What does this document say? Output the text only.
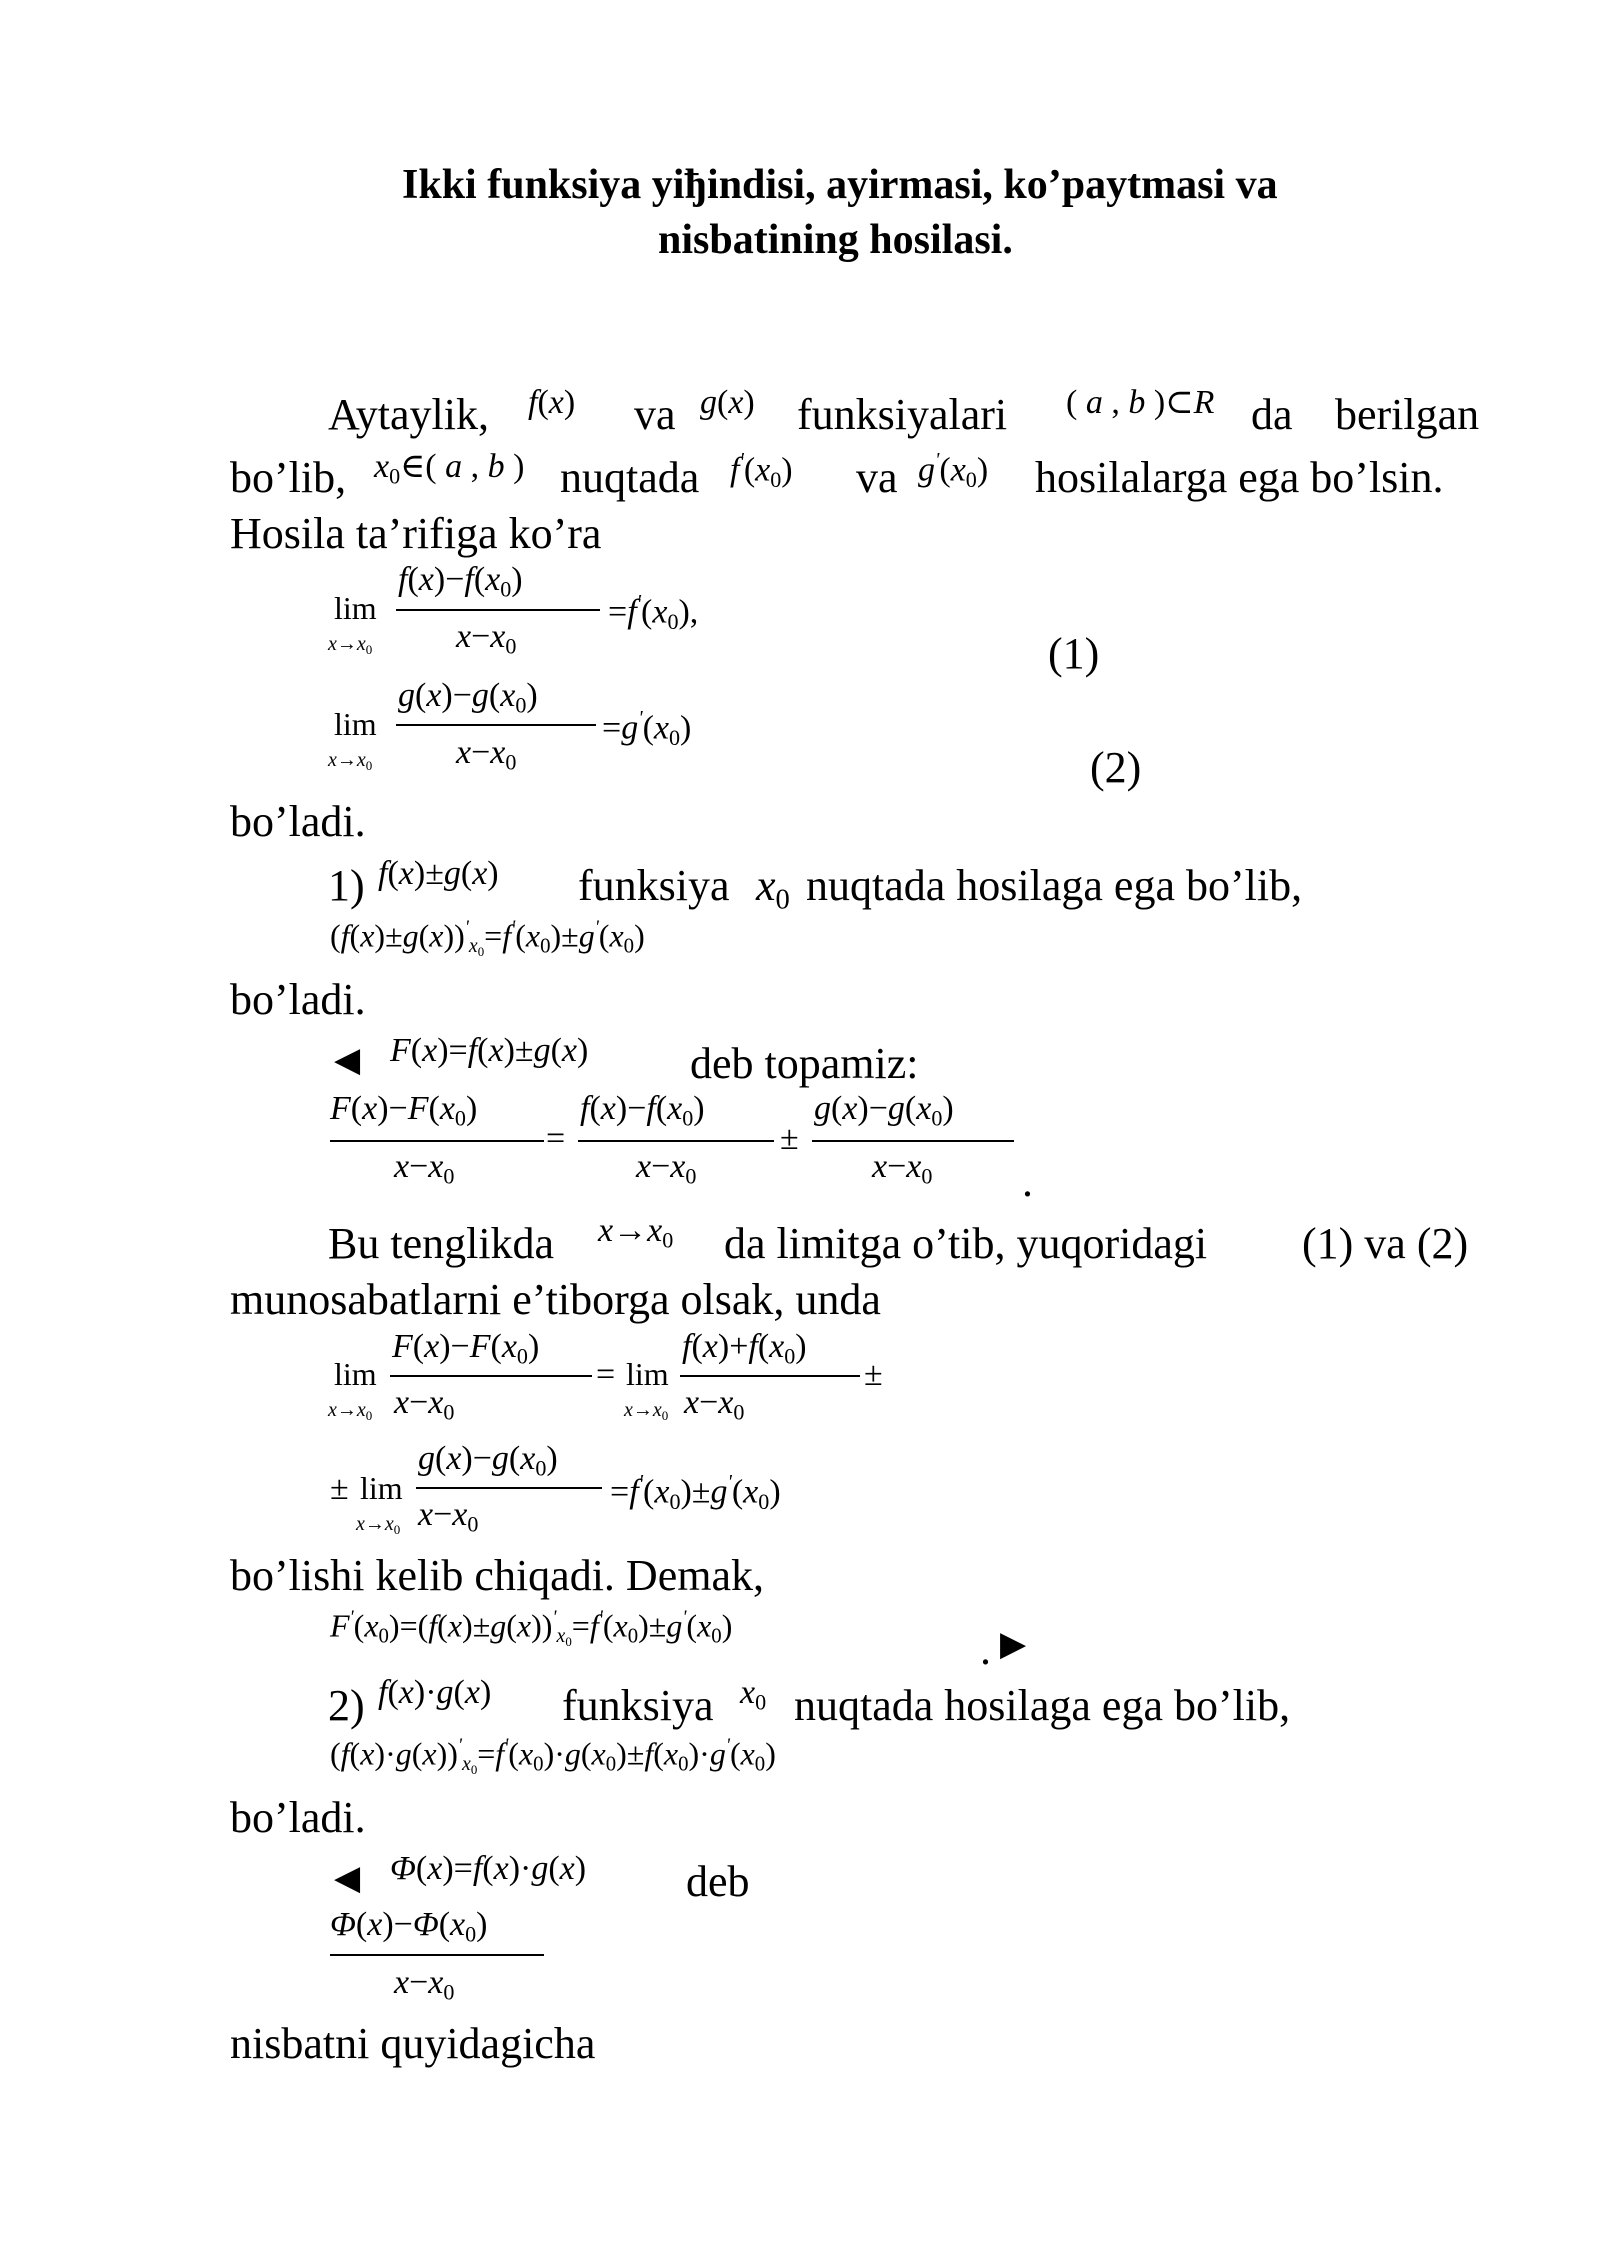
Ikki funksiya yiђindisi, ayirmasi, ko’paytmasi va
nisbatining hosilasi.
Aytaylik, f(x) va g(x) funksiyalari ( a , b )⊂R da berilgan
bo’lib, $x_0\in$( a , b ) nuqtada $f'(x_0)$ va $g'(x_0)$ hosilalarga ega bo’lsin.
Hosila ta’rifiga ko’ra
lim
$x\to x_0$
$f(x)-f(x_0)$
$x-x_0$
$=f'(x_0)$,
(1)
lim
$x\to x_0$
$g(x)-g(x_0)$
$x-x_0$
$=g'(x_0)$
(2)
bo’ladi.
1) f(x)±g(x) funksiya $x_0$ nuqtada hosilaga ega bo’lib,
$(f(x)\pm g(x))'x_0=f'(x_0)\pm g'(x_0)$
bo’ladi.
◀ F(x)=f(x)±g(x) deb topamiz:
$F(x)-F(x_0)$
$x-x_0$
=
$f(x)-f(x_0)$
$x-x_0$
±
$g(x)-g(x_0)$
$x-x_0$ .
Bu tenglikda $x\to x_0$ da limitga o’tib, yuqoridagi (1) va (2)
munosabatlarni e’tiborga olsak, unda
lim
$x\to x_0$
$F(x)-F(x_0)$
$x-x_0$
= lim
$x\to x_0$
$f(x)+f(x_0)$
$x-x_0$
±
± lim
$x\to x_0$
$g(x)-g(x_0)$
$x-x_0$
$=f'(x_0)\pm g'(x_0)$
bo’lishi kelib chiqadi. Demak,
$F'(x_0)=(f(x)\pm g(x))'x_0=f'(x_0)\pm g'(x_0)$	. ▶
2) f(x)·g(x) funksiya $x_0$ nuqtada hosilaga ega bo’lib,
$(f(x)\cdot g(x))'x_0=f'(x_0)\cdot g(x_0)\pm f(x_0)\cdot g'(x_0)$
bo’ladi.
◀ Φ(x)=f(x)·g(x) deb
$\Phi(x)-\Phi(x_0)$
$x-x_0$
nisbatni quyidagicha
